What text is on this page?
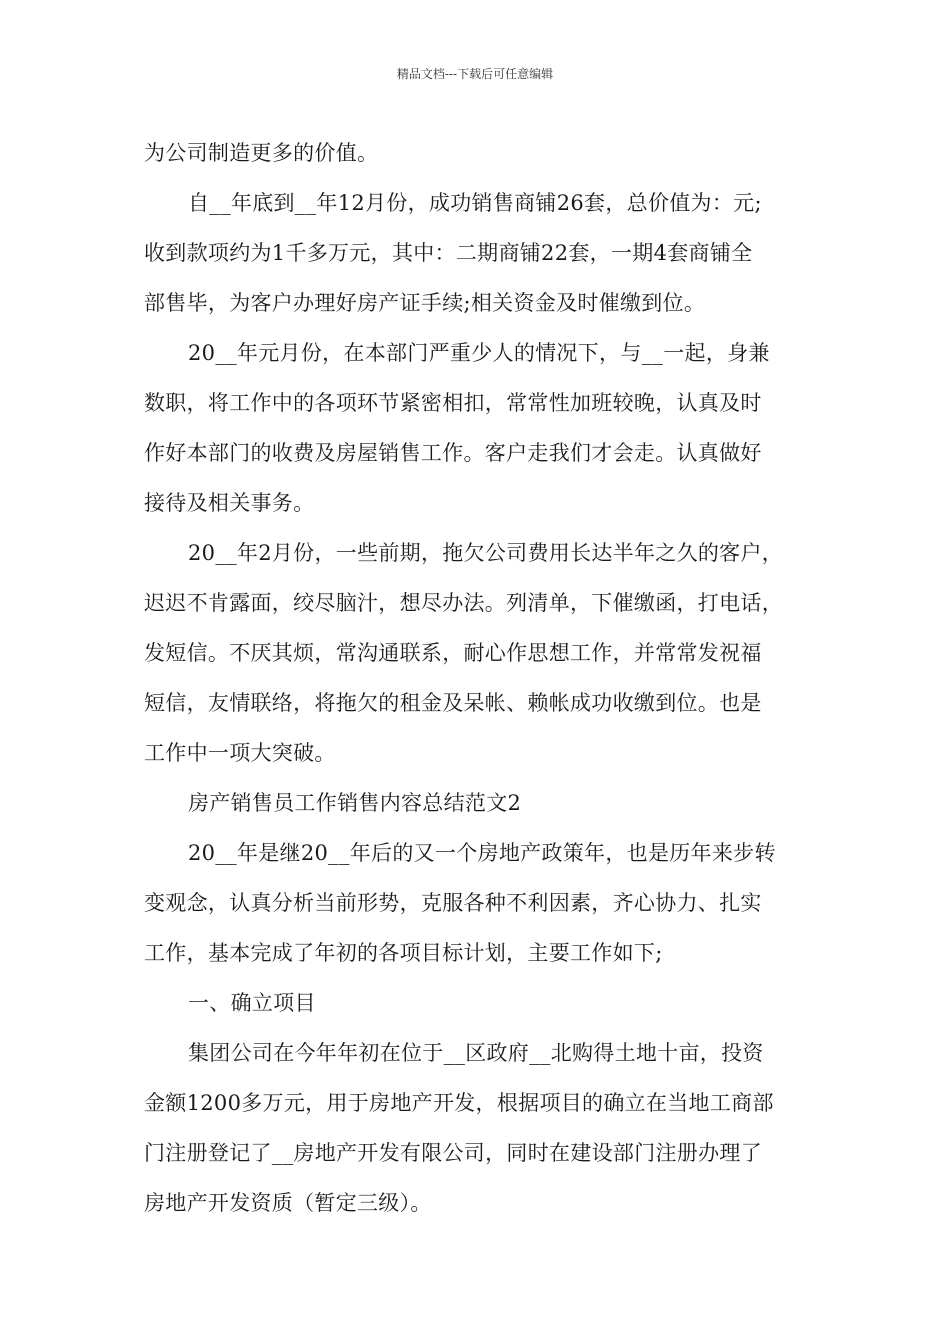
精品文档---下载后可任意编辑
为公司制造更多的价值。
自__年底到__年12月份，成功销售商铺26套，总价值为：元;
收到款项约为1千多万元，其中：二期商铺22套，一期4套商铺全
部售毕，为客户办理好房产证手续;相关资金及时催缴到位。
20__年元月份，在本部门严重少人的情况下，与__一起，身兼
数职，将工作中的各项环节紧密相扣，常常性加班较晚，认真及时
作好本部门的收费及房屋销售工作。客户走我们才会走。认真做好
接待及相关事务。
20__年2月份，一些前期，拖欠公司费用长达半年之久的客户，
迟迟不肯露面，绞尽脑汁，想尽办法。列清单，下催缴函，打电话，
发短信。不厌其烦，常沟通联系，耐心作思想工作，并常常发祝福
短信，友情联络，将拖欠的租金及呆帐、赖帐成功收缴到位。也是
工作中一项大突破。
房产销售员工作销售内容总结范文2
20__年是继20__年后的又一个房地产政策年，也是历年来步转
变观念，认真分析当前形势，克服各种不利因素，齐心协力、扎实
工作，基本完成了年初的各项目标计划，主要工作如下;
一、确立项目
集团公司在今年年初在位于__区政府__北购得土地十亩，投资
金额1200多万元，用于房地产开发，根据项目的确立在当地工商部
门注册登记了__房地产开发有限公司，同时在建设部门注册办理了
房地产开发资质（暂定三级）。
